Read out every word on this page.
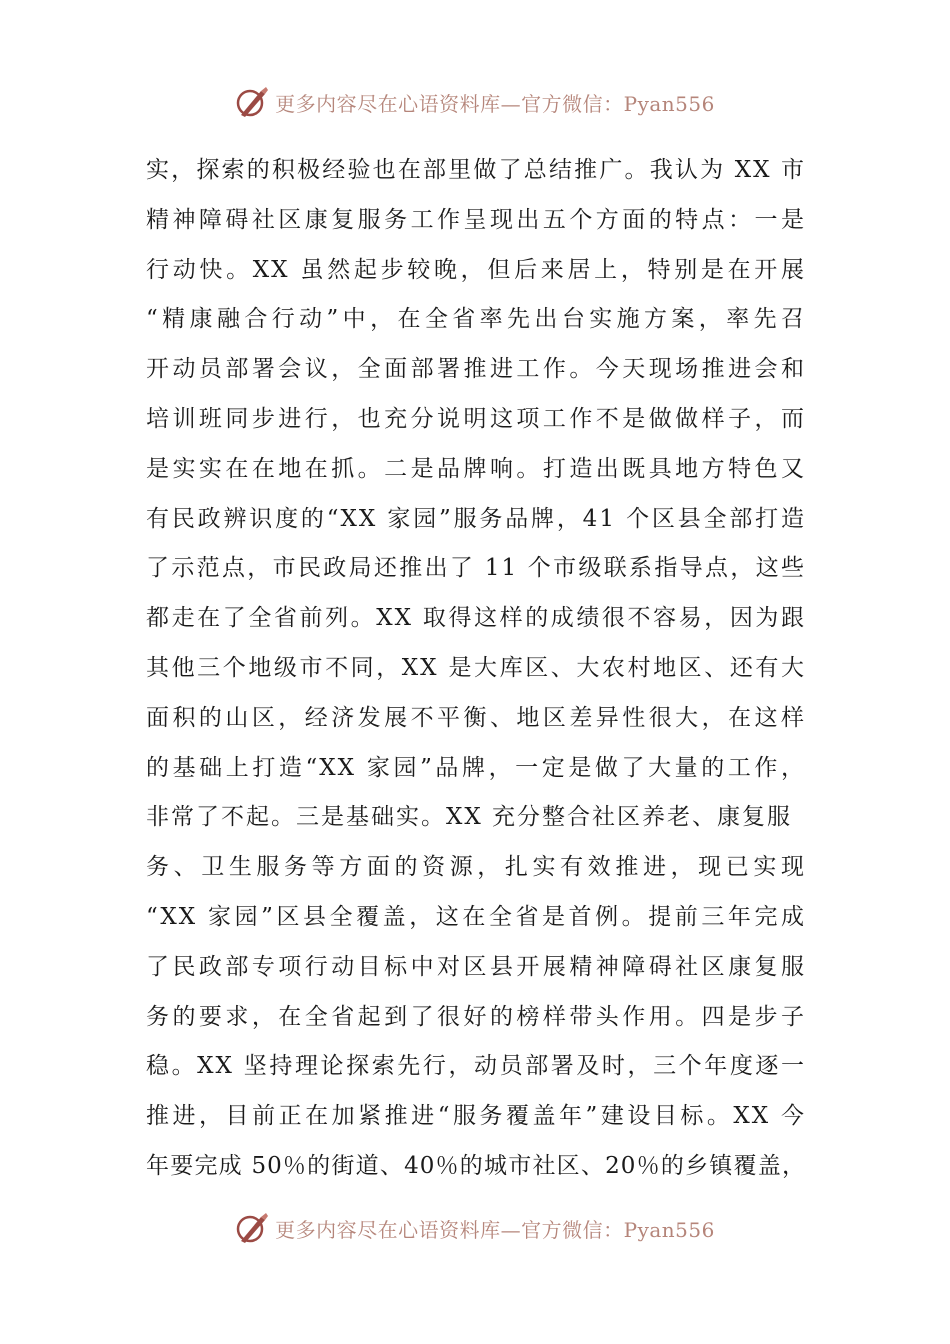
更多内容尽在心语资料库—官方微信：Pyan556
实，探索的积极经验也在部里做了总结推广。我认为 XX 市
精神障碍社区康复服务工作呈现出五个方面的特点：一是
行动快。XX 虽然起步较晚，但后来居上，特别是在开展
“精康融合行动”中，在全省率先出台实施方案，率先召
开动员部署会议，全面部署推进工作。今天现场推进会和
培训班同步进行，也充分说明这项工作不是做做样子，而
是实实在在地在抓。二是品牌响。打造出既具地方特色又
有民政辨识度的“XX 家园”服务品牌，41 个区县全部打造
了示范点，市民政局还推出了 11 个市级联系指导点，这些
都走在了全省前列。XX 取得这样的成绩很不容易，因为跟
其他三个地级市不同，XX 是大库区、大农村地区、还有大
面积的山区，经济发展不平衡、地区差异性很大，在这样
的基础上打造“XX 家园”品牌，一定是做了大量的工作，
非常了不起。三是基础实。XX 充分整合社区养老、康复服
务、卫生服务等方面的资源，扎实有效推进，现已实现
“XX 家园”区县全覆盖，这在全省是首例。提前三年完成
了民政部专项行动目标中对区县开展精神障碍社区康复服
务的要求，在全省起到了很好的榜样带头作用。四是步子
稳。XX 坚持理论探索先行，动员部署及时，三个年度逐一
推进，目前正在加紧推进“服务覆盖年”建设目标。XX 今
年要完成 50％的街道、40％的城市社区、20％的乡镇覆盖，
更多内容尽在心语资料库—官方微信：Pyan556
